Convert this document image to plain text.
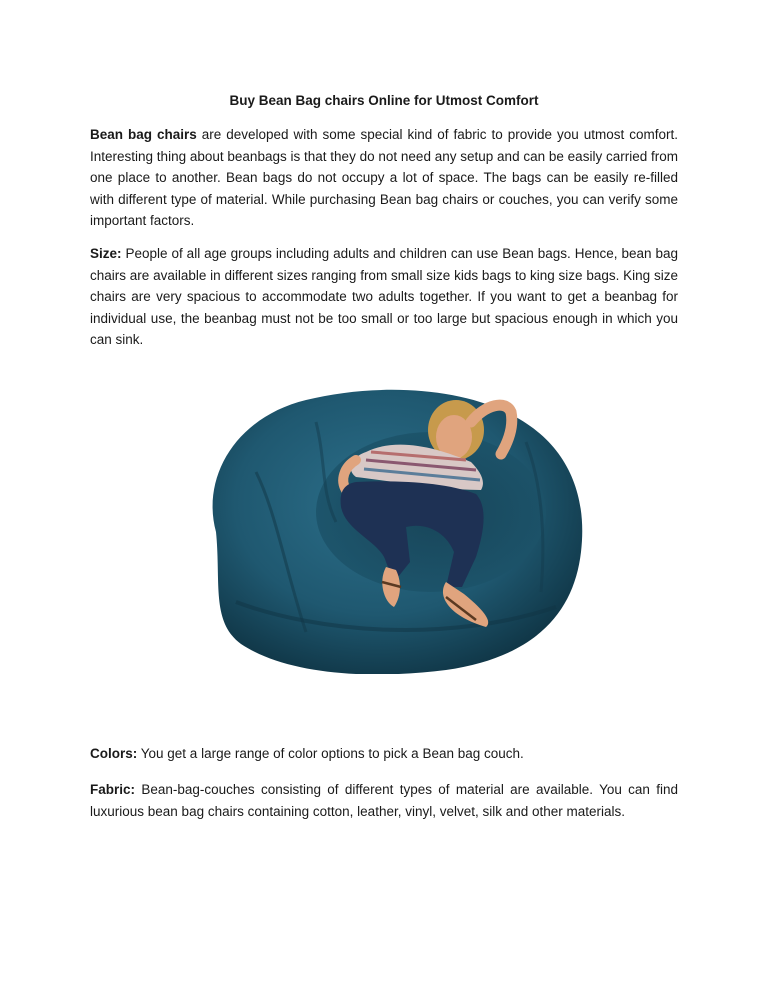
Buy Bean Bag chairs Online for Utmost Comfort

Bean bag chairs are developed with some special kind of fabric to provide you utmost comfort. Interesting thing about beanbags is that they do not need any setup and can be easily carried from one place to another. Bean bags do not occupy a lot of space. The bags can be easily re-filled with different type of material. While purchasing Bean bag chairs or couches, you can verify some important factors.

Size: People of all age groups including adults and children can use Bean bags. Hence, bean bag chairs are available in different sizes ranging from small size kids bags to king size bags. King size chairs are very spacious to accommodate two adults together. If you want to get a beanbag for individual use, the beanbag must not be too small or too large but spacious enough in which you can sink.

Colors: You get a large range of color options to pick a Bean bag couch.

Fabric: Bean-bag-couches consisting of different types of material are available. You can find luxurious bean bag chairs containing cotton, leather, vinyl, velvet, silk and other materials.
